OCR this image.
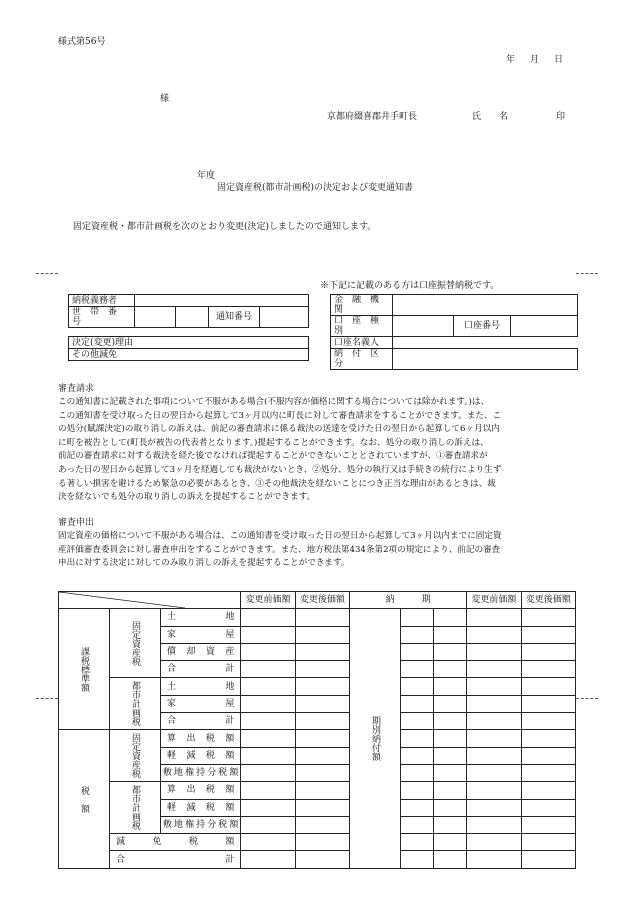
様式第56号
年　月　日
様
京都府綴喜郡井手町長	氏　　名	印
年度
固定資産税(都市計画税)の決定および変更通知書
固定資産税・都市計画税を次のとおり変更(決定)しましたので通知します。
※下記に記載のある方は口座振替納税です。
納税義務者				
世　帯　番　号			通知番号	
決定(変更)理由
その他減免
金　融　機　関			
口　座　種　別		口座番号	
口座名義人			
納　付　区　分			
審査請求
この通知書に記載された事項について不服がある場合(不服内容が価格に関する場合については除かれます。)は、
この通知書を受け取った日の翌日から起算して3ヶ月以内に町長に対して審査請求をすることができます。また、こ
の処分(賦課決定)の取り消しの訴えは、前記の審査請求に係る裁決の送達を受けた日の翌日から起算して6ヶ月以内
に町を被告として(町長が被告の代表者となります。)提起することができます。なお、処分の取り消しの訴えは、
前記の審査請求に対する裁決を経た後でなければ提起することができないこととされていますが、①審査請求が
あった日の翌日から起算して3ヶ月を経過しても裁決がないとき、②処分、処分の執行又は手続きの続行により生ず
る著しい損害を避けるため緊急の必要があるとき、③その他裁決を経ないことにつき正当な理由があるときは、裁
決を経ないでも処分の取り消しの訴えを提起することができます。
審査申出
固定資産の価格について不服がある場合は、この通知書を受け取った日の翌日から起算して3ヶ月以内までに固定資
産評価審査委員会に対し審査申出をすることができます。また、地方税法第434条第2項の規定により、前記の審査
申出に対する決定に対してのみ取り消しの訴えを提起することができます。
	変更前価額	変更後価額	納　　　期			変更前価額	変更後価額
課税標準額	固定資産税	土　　　地			期別納付額				
		家　　　屋							
		償　却　資　産							
		合　　　計							
	都市計画税	土　　　地							
		家　　　屋							
		合　　　計							
税　額	固定資産税	算　出　税　額							
		軽　減　税　額							
		敷地権持分税額							
	都市計画税	算　出　税　額							
		軽　減　税　額							
		敷地権持分税額							
	減　　免　　税　　額								
	合　　　　　　　計								
